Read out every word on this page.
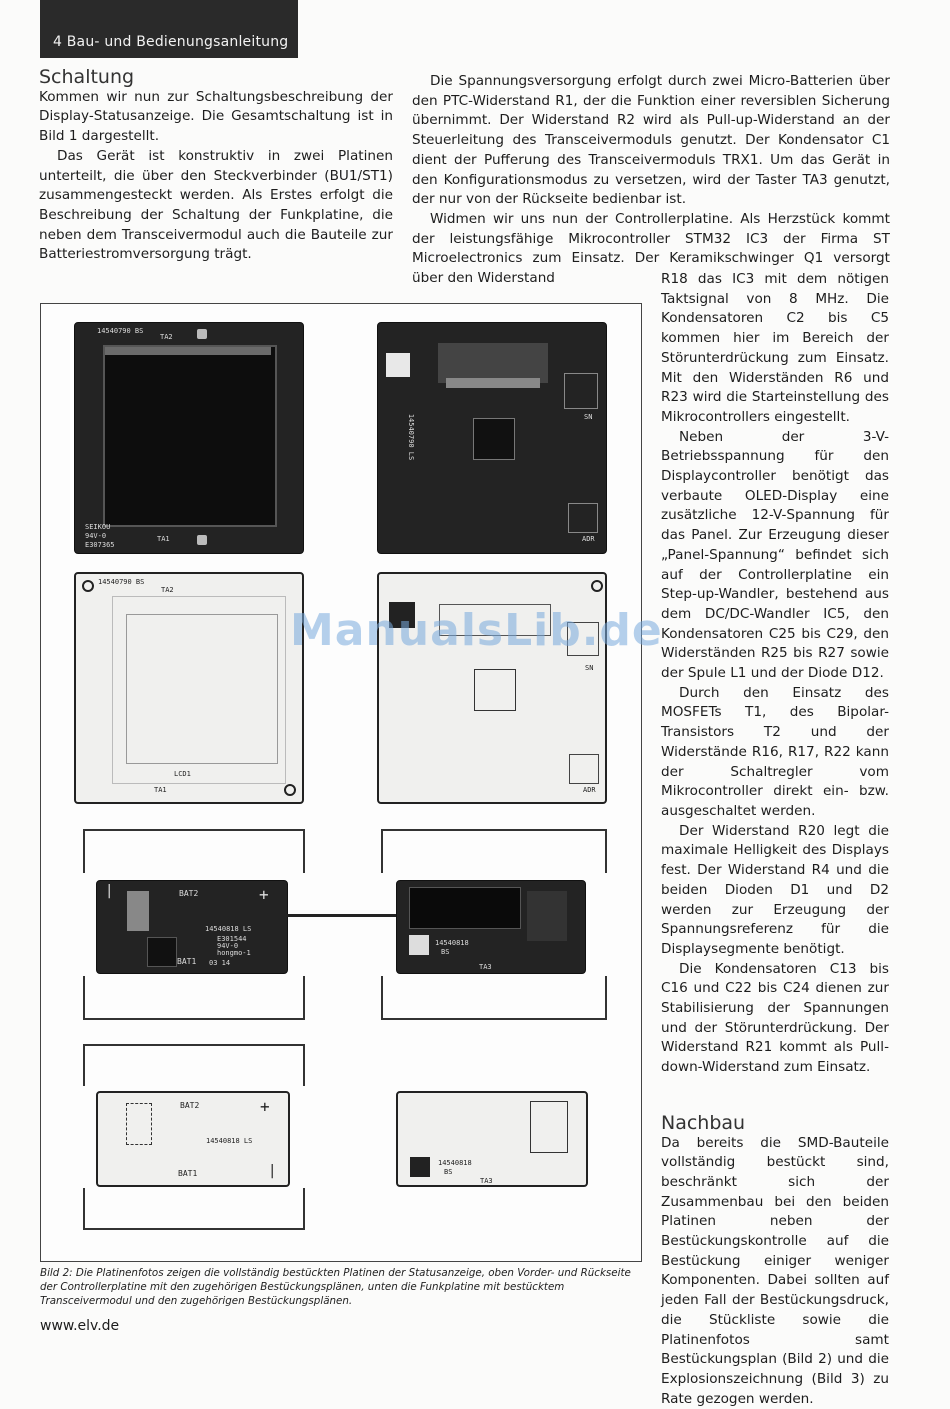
4 Bau- und Bedienungsanleitung
Schaltung

Kommen wir nun zur Schaltungsbeschreibung der Display-Statusanzeige. Die Gesamtschaltung ist in Bild 1 dargestellt.

Das Gerät ist konstruktiv in zwei Platinen unterteilt, die über den Steckverbinder (BU1/ST1) zusammengesteckt werden. Als Erstes erfolgt die Beschreibung der Schaltung der Funkplatine, die neben dem Transceivermodul auch die Bauteile zur Batteriestromversorgung trägt.

Die Spannungsversorgung erfolgt durch zwei Micro-Batterien über den PTC-Widerstand R1, der die Funktion einer reversiblen Sicherung übernimmt. Der Widerstand R2 wird als Pull-up-Widerstand an der Steuerleitung des Transceivermoduls genutzt. Der Kondensator C1 dient der Pufferung des Transceivermoduls TRX1. Um das Gerät in den Konfigurationsmodus zu versetzen, wird der Taster TA3 genutzt, der nur von der Rückseite bedienbar ist.

Widmen wir uns nun der Controllerplatine. Als Herzstück kommt der leistungsfähige Mikrocontroller STM32 IC3 der Firma ST Microelectronics zum Einsatz. Der Keramikschwinger Q1 versorgt über den Widerstand	R18 das IC3 mit dem nötigen Taktsignal von 8 MHz. Die Kondensatoren C2 bis C5 kommen hier im Bereich der Störunterdrückung zum Einsatz. Mit den Widerständen R6 und R23 wird die Starteinstellung des Mikrocontrollers eingestellt.

Neben der 3-V-Betriebsspannung für den Displaycontroller benötigt das verbaute OLED-Display eine zusätzliche 12-V-Spannung für das Panel. Zur Erzeugung dieser „Panel-Spannung“ befindet sich auf der Controllerplatine ein Step-up-Wandler, bestehend aus dem DC/DC-Wandler IC5, den Kondensatoren C25 bis C29, den Widerständen R25 bis R27 sowie der Spule L1 und der Diode D12.

Durch den Einsatz des MOSFETs T1, des Bipolar-Transistors T2 und der Widerstände R16, R17, R22 kann der Schaltregler vom Mikrocontroller direkt ein- bzw. ausgeschaltet werden.

Der Widerstand R20 legt die maximale Helligkeit des Displays fest. Der Widerstand R4 und die beiden Dioden D1 und D2 werden zur Erzeugung der Spannungsreferenz für die Displaysegmente benötigt.

Die Kondensatoren C13 bis C16 und C22 bis C24 dienen zur Stabilisierung der Spannungen und der Störunterdrückung. Der Widerstand R21 kommt als Pull-down-Widerstand zum Einsatz.

Nachbau

Da bereits die SMD-Bauteile vollständig bestückt sind, beschränkt sich der Zusammenbau bei den beiden Platinen neben der Bestückungskontrolle auf die Bestückung einiger weniger Komponenten. Dabei sollten auf jeden Fall der Bestückungsdruck, die Stückliste sowie die Platinenfotos samt Bestückungsplan (Bild 2) und die Explosionszeichnung (Bild 3) zu Rate gezogen werden.

14540790 BS
TA2
SEIKOU
94V-0
E307365
TA1
14540790 LS	SN
ADR
14540790 BS
TA2
LCD1
TA1
SN
ADR
BAT2
BAT1
14540818 LS
E301544
94V-0
hongmo-1
03 14
+
|
14540818
BS
TA3
BAT2
BAT1
14540818 LS
+
|	14540818
BS
TA3
ManualsLib.de
Bild 2: Die Platinenfotos zeigen die vollständig bestückten Platinen der Statusanzeige, oben Vorder- und Rückseite der Controllerplatine mit den zugehörigen Bestückungsplänen, unten die Funkplatine mit bestücktem Transceivermodul und den zugehörigen Bestückungsplänen.
www.elv.de
